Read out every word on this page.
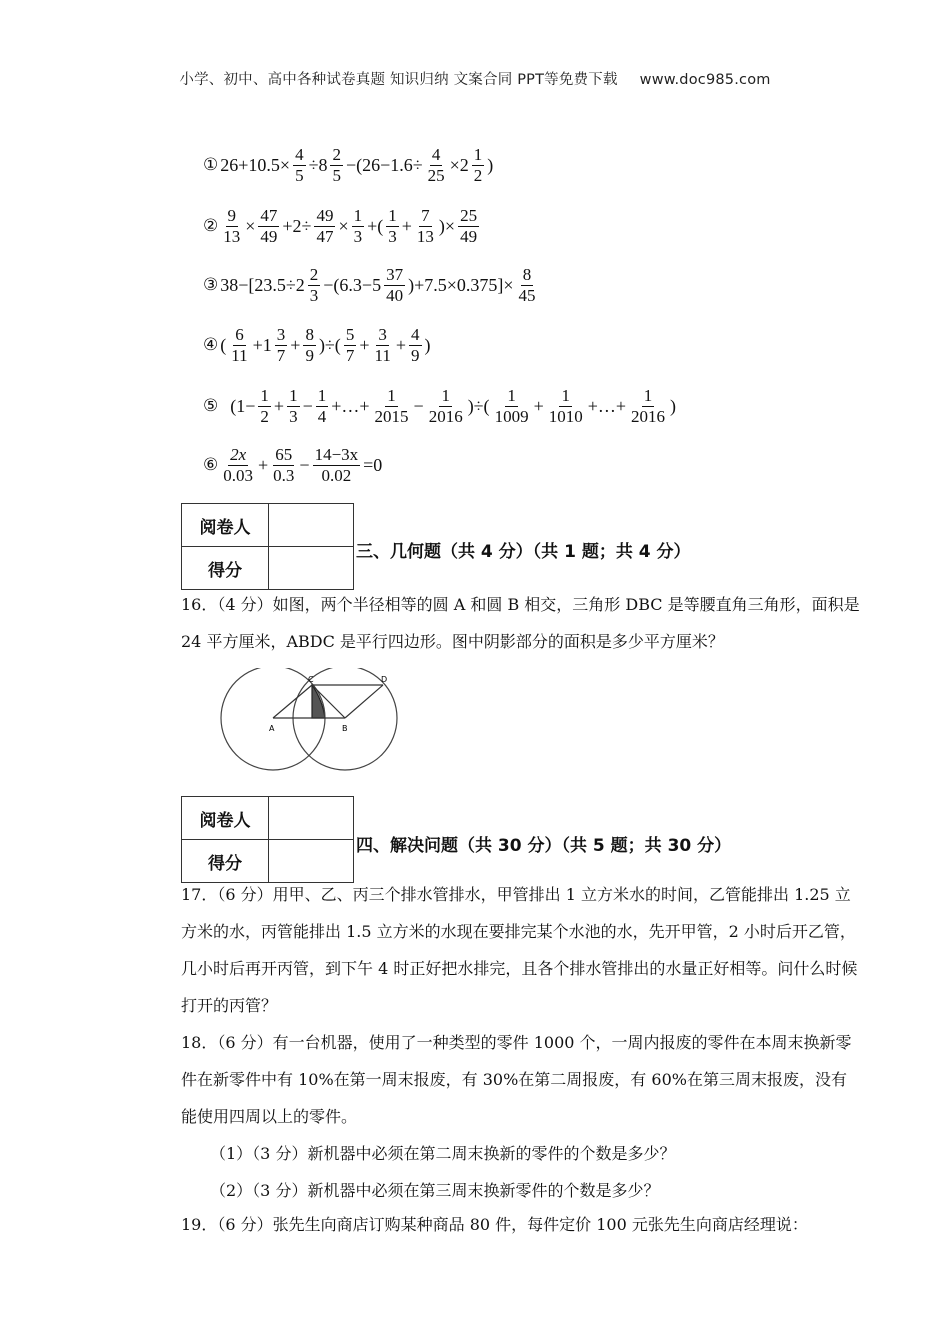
小学、初中、高中各种试卷真题 知识归纳 文案合同 PPT等免费下载 www.doc985.com
① $26+10.5\times \frac{4}{5} \div 8 \frac{2}{5} -(26-1.6\div \frac{4}{25} \times 2 \frac{1}{2}$ )
② $\frac{9}{13} \times \frac{47}{49} +2\div \frac{49}{47} \times \frac{1}{3}$ +( $\frac{1}{3} + \frac{7}{13}$ )× $\frac{25}{49}$
③ $38-[23.5\div 2 \frac{2}{3} -(6.3-5 \frac{37}{40} )+7.5\times 0.375]\times \frac{8}{45}$
④ ( $\frac{6}{11} +1 \frac{3}{7} + \frac{8}{9}$ )÷( $\frac{5}{7} + \frac{3}{11} + \frac{4}{9}$ )
⑤ ($1- \frac{1}{2} + \frac{1}{3} - \frac{1}{4}$ +…+ $\frac{1}{2015} - \frac{1}{2016}$ )÷( $\frac{1}{1009} + \frac{1}{1010}$ +…+ $\frac{1}{2016}$ )
⑥ $\frac{2x}{0.03} + \frac{65}{0.3} - \frac{14-3x}{0.02} =0$
阅卷人	
得分	
三、几何题（共 4 分）（共 1 题；共 4 分）
16．（4 分）如图，两个半径相等的圆 A 和圆 B 相交，三角形 DBC 是等腰直角三角形，面积是 24 平方厘米，ABDC 是平行四边形。图中阴影部分的面积是多少平方厘米？
A	B
C	D
阅卷人	
得分	
四、解决问题（共 30 分）（共 5 题；共 30 分）
17．（6 分）用甲、乙、丙三个排水管排水，甲管排出 1 立方米水的时间，乙管能排出 1.25 立方米的水，丙管能排出 1.5 立方米的水现在要排完某个水池的水，先开甲管，2 小时后开乙管，几小时后再开丙管，到下午 4 时正好把水排完，且各个排水管排出的水量正好相等。问什么时候打开的丙管？
18．（6 分）有一台机器，使用了一种类型的零件 1000 个，一周内报废的零件在本周末换新零件在新零件中有 10%在第一周末报废，有 30%在第二周报废，有 60%在第三周末报废，没有能使用四周以上的零件。
（1）（3 分）新机器中必须在第二周末换新的零件的个数是多少？
（2）（3 分）新机器中必须在第三周末换新零件的个数是多少？
19．（6 分）张先生向商店订购某种商品 80 件，每件定价 100 元张先生向商店经理说：
